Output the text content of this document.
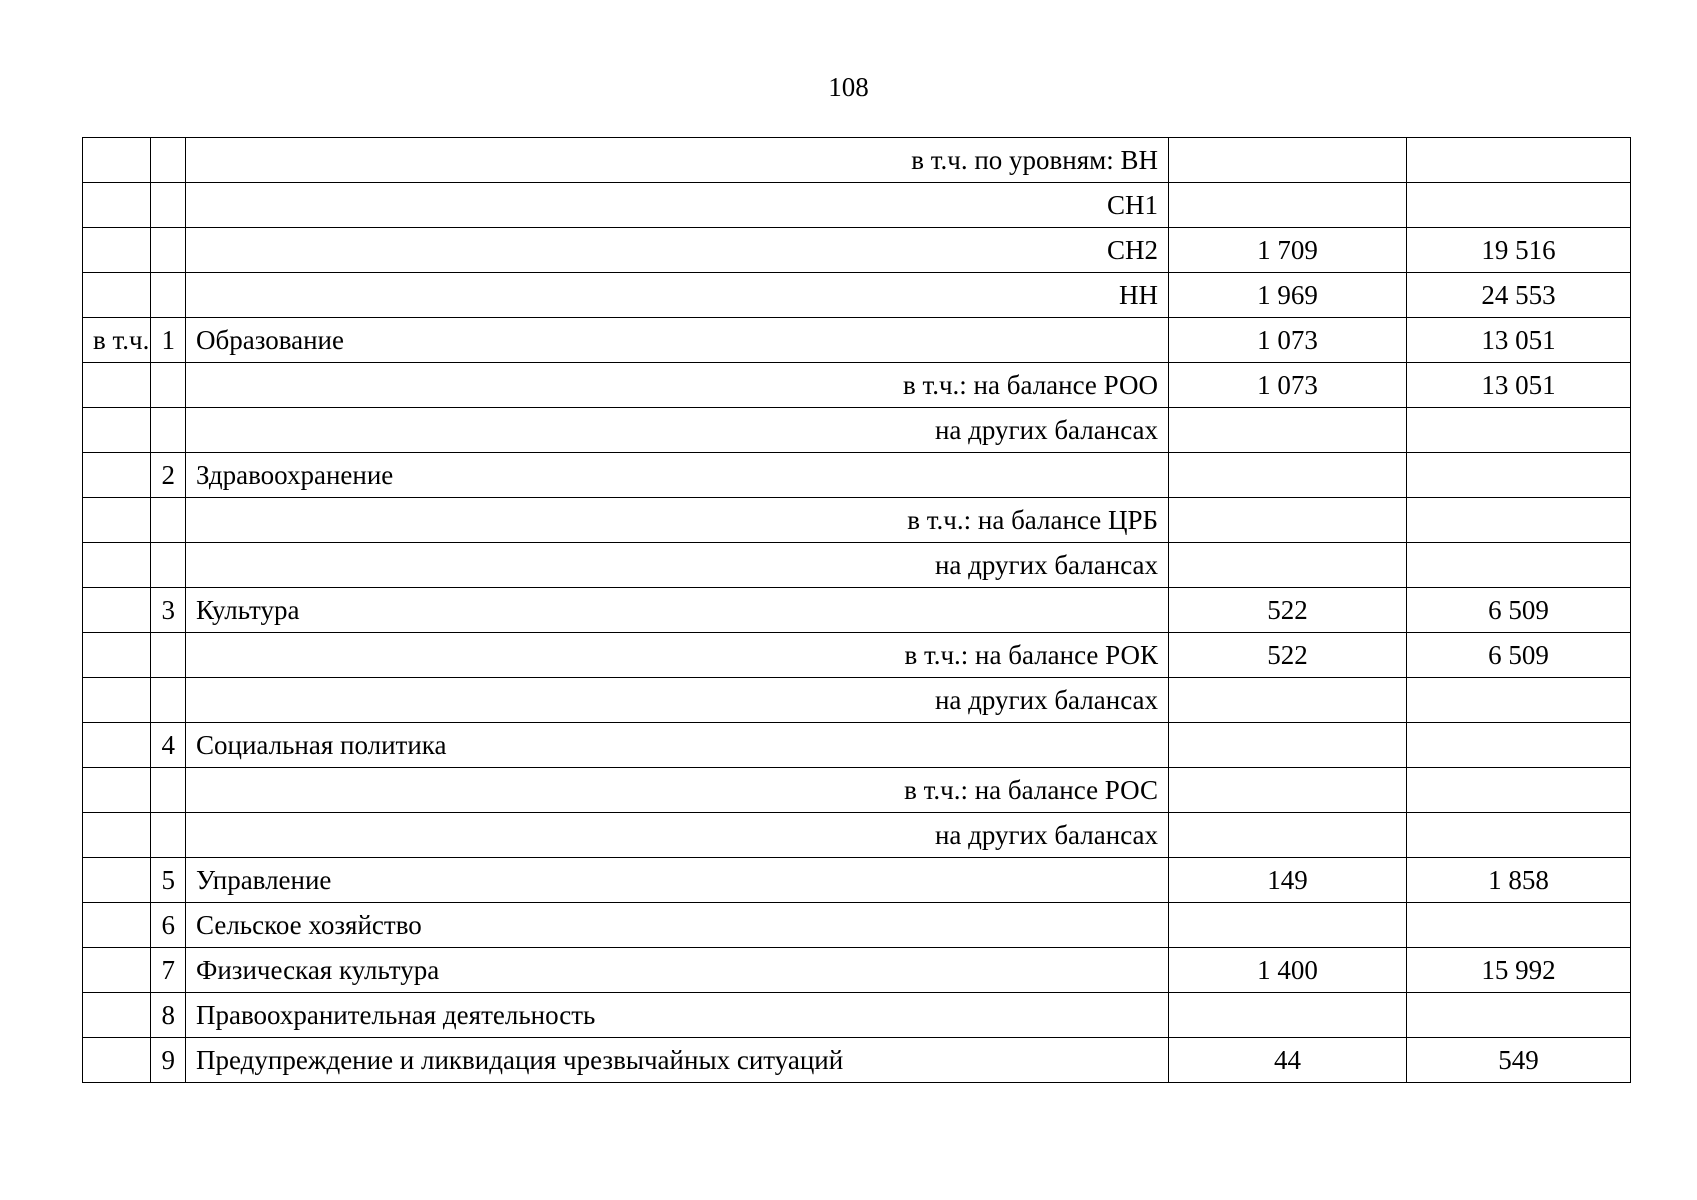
108
		в т.ч. по уровням: ВН		
		СН1		
		СН2	1 709	19 516
		НН	1 969	24 553
в т.ч.	1	Образование	1 073	13 051
		в т.ч.: на балансе РОО	1 073	13 051
		на других балансах		
	2	Здравоохранение		
		в т.ч.: на балансе ЦРБ		
		на других балансах		
	3	Культура	522	6 509
		в т.ч.: на балансе РОК	522	6 509
		на других балансах		
	4	Социальная политика		
		в т.ч.: на балансе РОС		
		на других балансах		
	5	Управление	149	1 858
	6	Сельское хозяйство		
	7	Физическая культура	1 400	15 992
	8	Правоохранительная деятельность		
	9	Предупреждение и ликвидация чрезвычайных ситуаций	44	549
